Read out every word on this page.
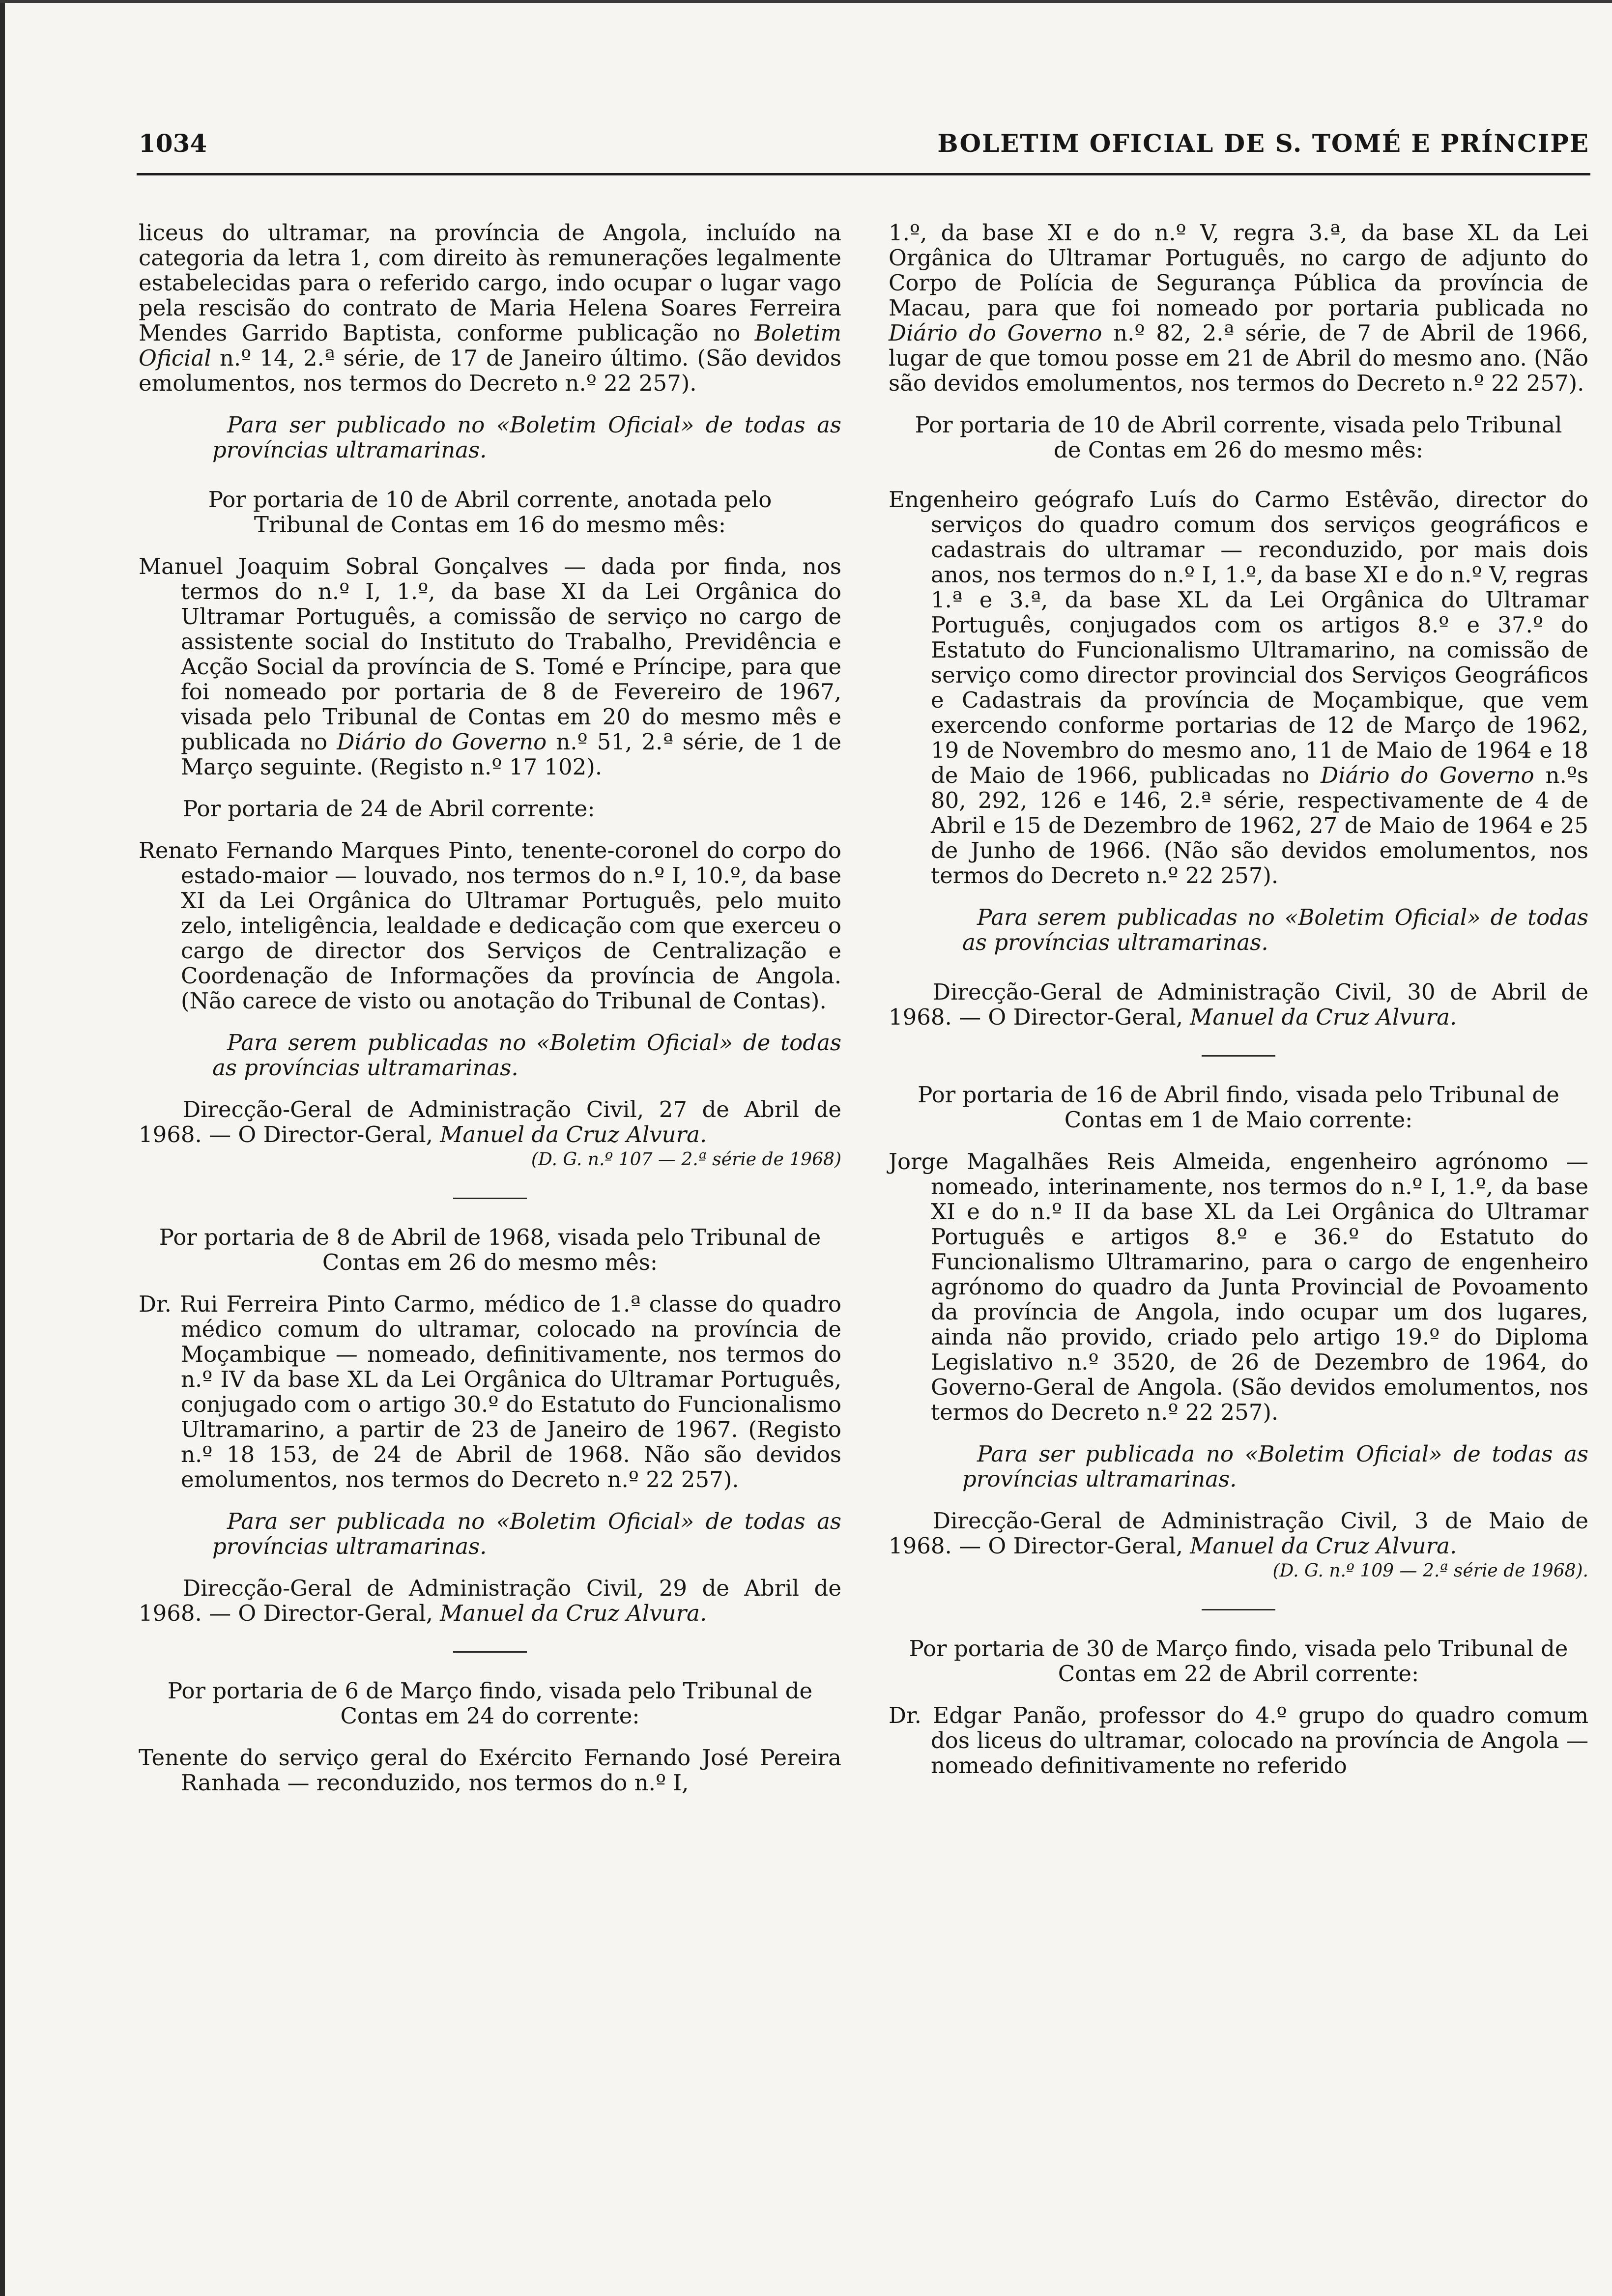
1034	BOLETIM OFICIAL DE S. TOMÉ E PRÍNCIPE

liceus do ultramar, na província de Angola, incluído na categoria da letra 1, com direito às remunerações legalmente estabelecidas para o referido cargo, indo ocupar o lugar vago pela rescisão do contrato de Maria Helena Soares Ferreira Mendes Garrido Baptista, conforme publicação no Boletim Oficial n.º 14, 2.ª série, de 17 de Janeiro último. (São devidos emolumentos, nos termos do Decreto n.º 22 257).

Para ser publicado no «Boletim Oficial» de todas as províncias ultramarinas.

Por portaria de 10 de Abril corrente, anotada pelo Tribunal de Contas em 16 do mesmo mês:

Manuel Joaquim Sobral Gonçalves — dada por finda, nos termos do n.º I, 1.º, da base XI da Lei Orgânica do Ultramar Português, a comissão de serviço no cargo de assistente social do Instituto do Trabalho, Previdência e Acção Social da província de S. Tomé e Príncipe, para que foi nomeado por portaria de 8 de Fevereiro de 1967, visada pelo Tribunal de Contas em 20 do mesmo mês e publicada no Diário do Governo n.º 51, 2.ª série, de 1 de Março seguinte. (Registo n.º 17 102).

Por portaria de 24 de Abril corrente:

Renato Fernando Marques Pinto, tenente-coronel do corpo do estado-maior — louvado, nos termos do n.º I, 10.º, da base XI da Lei Orgânica do Ultramar Português, pelo muito zelo, inteligência, lealdade e dedicação com que exerceu o cargo de director dos Serviços de Centralização e Coordenação de Informações da província de Angola. (Não carece de visto ou anotação do Tribunal de Contas).

Para serem publicadas no «Boletim Oficial» de todas as províncias ultramarinas.

Direcção-Geral de Administração Civil, 27 de Abril de 1968. — O Director-Geral, Manuel da Cruz Alvura.

(D. G. n.º 107 — 2.ª série de 1968)

Por portaria de 8 de Abril de 1968, visada pelo Tribunal de Contas em 26 do mesmo mês:

Dr. Rui Ferreira Pinto Carmo, médico de 1.ª classe do quadro médico comum do ultramar, colocado na província de Moçambique — nomeado, definitivamente, nos termos do n.º IV da base XL da Lei Orgânica do Ultramar Português, conjugado com o artigo 30.º do Estatuto do Funcionalismo Ultramarino, a partir de 23 de Janeiro de 1967. (Registo n.º 18 153, de 24 de Abril de 1968. Não são devidos emolumentos, nos termos do Decreto n.º 22 257).

Para ser publicada no «Boletim Oficial» de todas as províncias ultramarinas.

Direcção-Geral de Administração Civil, 29 de Abril de 1968. — O Director-Geral, Manuel da Cruz Alvura.

Por portaria de 6 de Março findo, visada pelo Tribunal de Contas em 24 do corrente:

Tenente do serviço geral do Exército Fernando José Pereira Ranhada — reconduzido, nos termos do n.º I,

1.º, da base XI e do n.º V, regra 3.ª, da base XL da Lei Orgânica do Ultramar Português, no cargo de adjunto do Corpo de Polícia de Segurança Pública da província de Macau, para que foi nomeado por portaria publicada no Diário do Governo n.º 82, 2.ª série, de 7 de Abril de 1966, lugar de que tomou posse em 21 de Abril do mesmo ano. (Não são devidos emolumentos, nos termos do Decreto n.º 22 257).

Por portaria de 10 de Abril corrente, visada pelo Tribunal de Contas em 26 do mesmo mês:

Engenheiro geógrafo Luís do Carmo Estêvão, director do serviços do quadro comum dos serviços geográficos e cadastrais do ultramar — reconduzido, por mais dois anos, nos termos do n.º I, 1.º, da base XI e do n.º V, regras 1.ª e 3.ª, da base XL da Lei Orgânica do Ultramar Português, conjugados com os artigos 8.º e 37.º do Estatuto do Funcionalismo Ultramarino, na comissão de serviço como director provincial dos Serviços Geográficos e Cadastrais da província de Moçambique, que vem exercendo conforme portarias de 12 de Março de 1962, 19 de Novembro do mesmo ano, 11 de Maio de 1964 e 18 de Maio de 1966, publicadas no Diário do Governo n.ºs 80, 292, 126 e 146, 2.ª série, respectivamente de 4 de Abril e 15 de Dezembro de 1962, 27 de Maio de 1964 e 25 de Junho de 1966. (Não são devidos emolumentos, nos termos do Decreto n.º 22 257).

Para serem publicadas no «Boletim Oficial» de todas as províncias ultramarinas.

Direcção-Geral de Administração Civil, 30 de Abril de 1968. — O Director-Geral, Manuel da Cruz Alvura.

Por portaria de 16 de Abril findo, visada pelo Tribunal de Contas em 1 de Maio corrente:

Jorge Magalhães Reis Almeida, engenheiro agrónomo — nomeado, interinamente, nos termos do n.º I, 1.º, da base XI e do n.º II da base XL da Lei Orgânica do Ultramar Português e artigos 8.º e 36.º do Estatuto do Funcionalismo Ultramarino, para o cargo de engenheiro agrónomo do quadro da Junta Provincial de Povoamento da província de Angola, indo ocupar um dos lugares, ainda não provido, criado pelo artigo 19.º do Diploma Legislativo n.º 3520, de 26 de Dezembro de 1964, do Governo-Geral de Angola. (São devidos emolumentos, nos termos do Decreto n.º 22 257).

Para ser publicada no «Boletim Oficial» de todas as províncias ultramarinas.

Direcção-Geral de Administração Civil, 3 de Maio de 1968. — O Director-Geral, Manuel da Cruz Alvura.

(D. G. n.º 109 — 2.ª série de 1968).

Por portaria de 30 de Março findo, visada pelo Tribunal de Contas em 22 de Abril corrente:

Dr. Edgar Panão, professor do 4.º grupo do quadro comum dos liceus do ultramar, colocado na província de Angola — nomeado definitivamente no referido
